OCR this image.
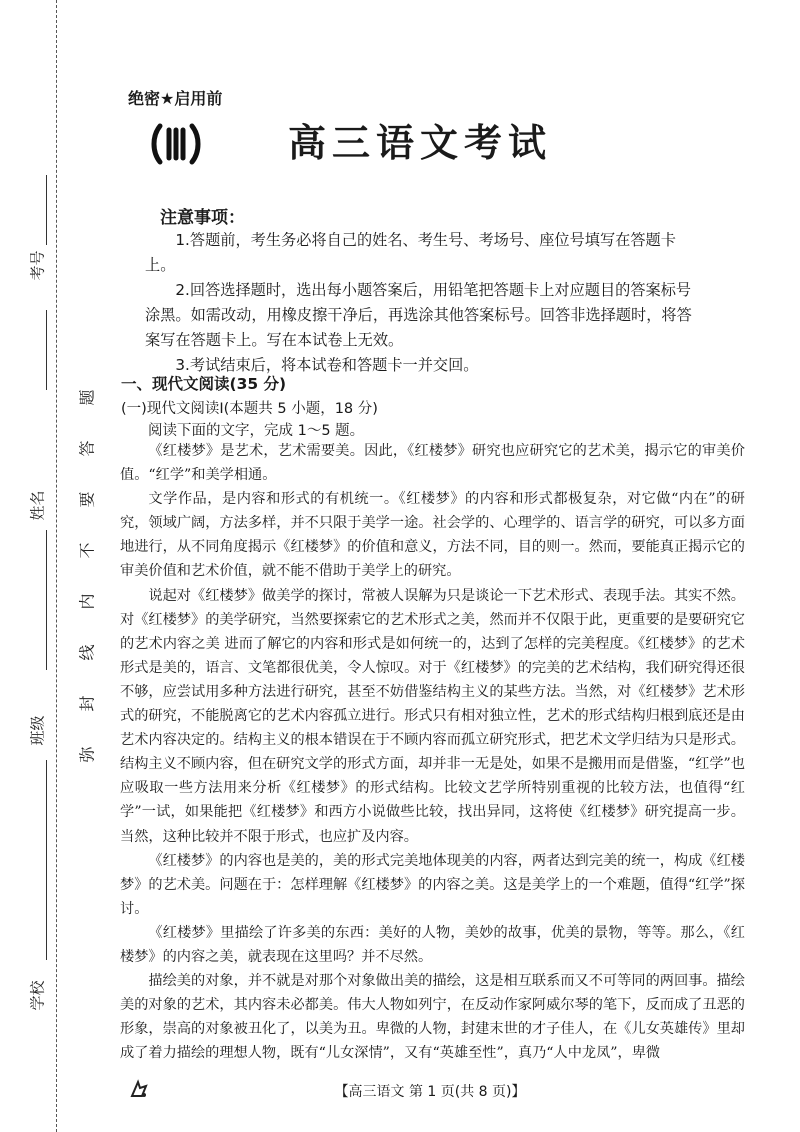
考号
姓名
班级
学校
题
答
要
不
内
线
封
弥
绝密★启用前
高三语文考试
注意事项：

1.答题前，考生务必将自己的姓名、考生号、考场号、座位号填写在答题卡上。

2.回答选择题时，选出每小题答案后，用铅笔把答题卡上对应题目的答案标号涂黑。如需改动，用橡皮擦干净后，再选涂其他答案标号。回答非选择题时，将答案写在答题卡上。写在本试卷上无效。

3.考试结束后，将本试卷和答题卡一并交回。

一、现代文阅读(35 分)
(一)现代文阅读Ⅰ(本题共 5 小题，18 分)
阅读下面的文字，完成 1～5 题。

《红楼梦》是艺术，艺术需要美。因此，《红楼梦》研究也应研究它的艺术美，揭示它的审美价值。“红学”和美学相通。

文学作品，是内容和形式的有机统一。《红楼梦》的内容和形式都极复杂，对它做“内在”的研究，领域广阔，方法多样，并不只限于美学一途。社会学的、心理学的、语言学的研究，可以多方面地进行，从不同角度揭示《红楼梦》的价值和意义，方法不同，目的则一。然而，要能真正揭示它的审美价值和艺术价值，就不能不借助于美学上的研究。

说起对《红楼梦》做美学的探讨，常被人误解为只是谈论一下艺术形式、表现手法。其实不然。对《红楼梦》的美学研究，当然要探索它的艺术形式之美，然而并不仅限于此，更重要的是要研究它的艺术内容之美 进而了解它的内容和形式是如何统一的，达到了怎样的完美程度。《红楼梦》的艺术形式是美的，语言、文笔都很优美，令人惊叹。对于《红楼梦》的完美的艺术结构，我们研究得还很不够，应尝试用多种方法进行研究，甚至不妨借鉴结构主义的某些方法。当然，对《红楼梦》艺术形式的研究，不能脱离它的艺术内容孤立进行。形式只有相对独立性，艺术的形式结构归根到底还是由艺术内容决定的。结构主义的根本错误在于不顾内容而孤立研究形式，把艺术文学归结为只是形式。结构主义不顾内容，但在研究文学的形式方面，却并非一无是处，如果不是搬用而是借鉴，“红学”也应吸取一些方法用来分析《红楼梦》的形式结构。比较文艺学所特别重视的比较方法，也值得“红学”一试，如果能把《红楼梦》和西方小说做些比较，找出异同，这将使《红楼梦》研究提高一步。当然，这种比较并不限于形式，也应扩及内容。

《红楼梦》的内容也是美的，美的形式完美地体现美的内容，两者达到完美的统一，构成《红楼梦》的艺术美。问题在于：怎样理解《红楼梦》的内容之美。这是美学上的一个难题，值得“红学”探讨。

《红楼梦》里描绘了许多美的东西：美好的人物，美妙的故事，优美的景物，等等。那么，《红楼梦》的内容之美，就表现在这里吗？并不尽然。

描绘美的对象，并不就是对那个对象做出美的描绘，这是相互联系而又不可等同的两回事。描绘美的对象的艺术，其内容未必都美。伟大人物如列宁，在反动作家阿威尔琴的笔下，反而成了丑恶的形象，崇高的对象被丑化了，以美为丑。卑微的人物，封建末世的才子佳人，在《儿女英雄传》里却成了着力描绘的理想人物，既有“儿女深情”，又有“英雄至性”，真乃“人中龙凤”，卑微

【高三语文 第 1 页(共 8 页)】
